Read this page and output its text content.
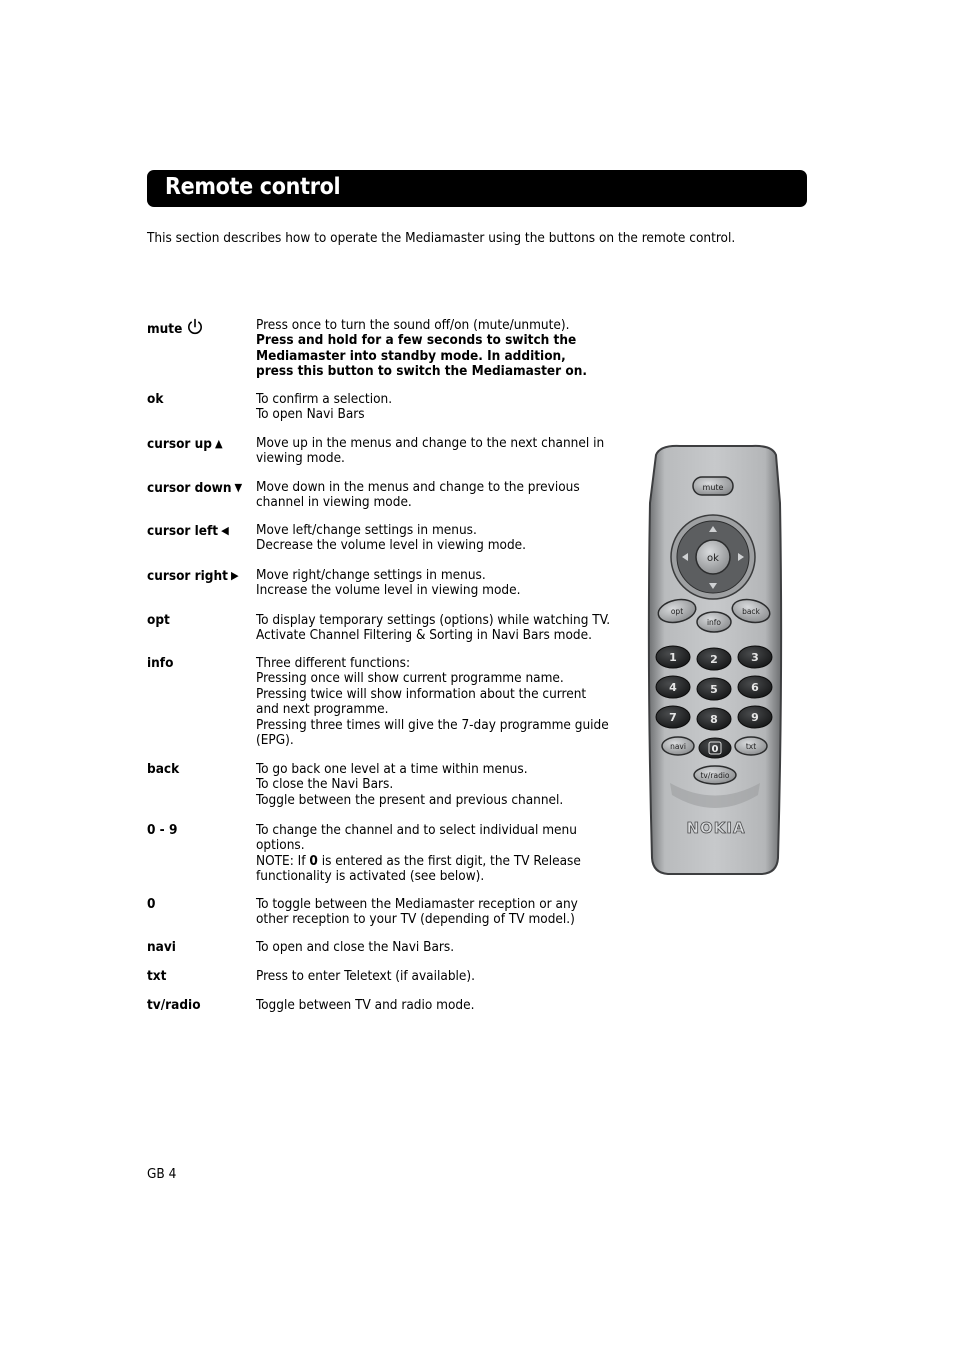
Remote control
This section describes how to operate the Mediamaster using the buttons on the remote control.
mute	Press once to turn the sound off/on (mute/unmute).
Press and hold for a few seconds to switch the
Mediamaster into standby mode. In addition,
press this button to switch the Mediamaster on.
ok	To confirm a selection.
To open Navi Bars
cursor up ▲	Move up in the menus and change to the next channel in
viewing mode.
cursor down ▼	Move down in the menus and change to the previous
channel in viewing mode.
cursor left ◀	Move left/change settings in menus.
Decrease the volume level in viewing mode.
cursor right ▶	Move right/change settings in menus.
Increase the volume level in viewing mode.
opt	To display temporary settings (options) while watching TV.
Activate Channel Filtering & Sorting in Navi Bars mode.
info	Three different functions:
Pressing once will show current programme name.
Pressing twice will show information about the current
and next programme.
Pressing three times will give the 7-day programme guide
(EPG).
back	To go back one level at a time within menus.
To close the Navi Bars.
Toggle between the present and previous channel.
0 - 9	To change the channel and to select individual menu
options.
NOTE: If 0 is entered as the first digit, the TV Release
functionality is activated (see below).
0	To toggle between the Mediamaster reception or any
other reception to your TV (depending of TV model.)
navi	To open and close the Navi Bars.
txt	Press to enter Teletext (if available).
tv/radio	Toggle between TV and radio mode.
mute
ok
opt
info
back
1	2	3
4	5	6
7	8	9
navi	0	txt
tv/radio
NOKIA
GB 4
